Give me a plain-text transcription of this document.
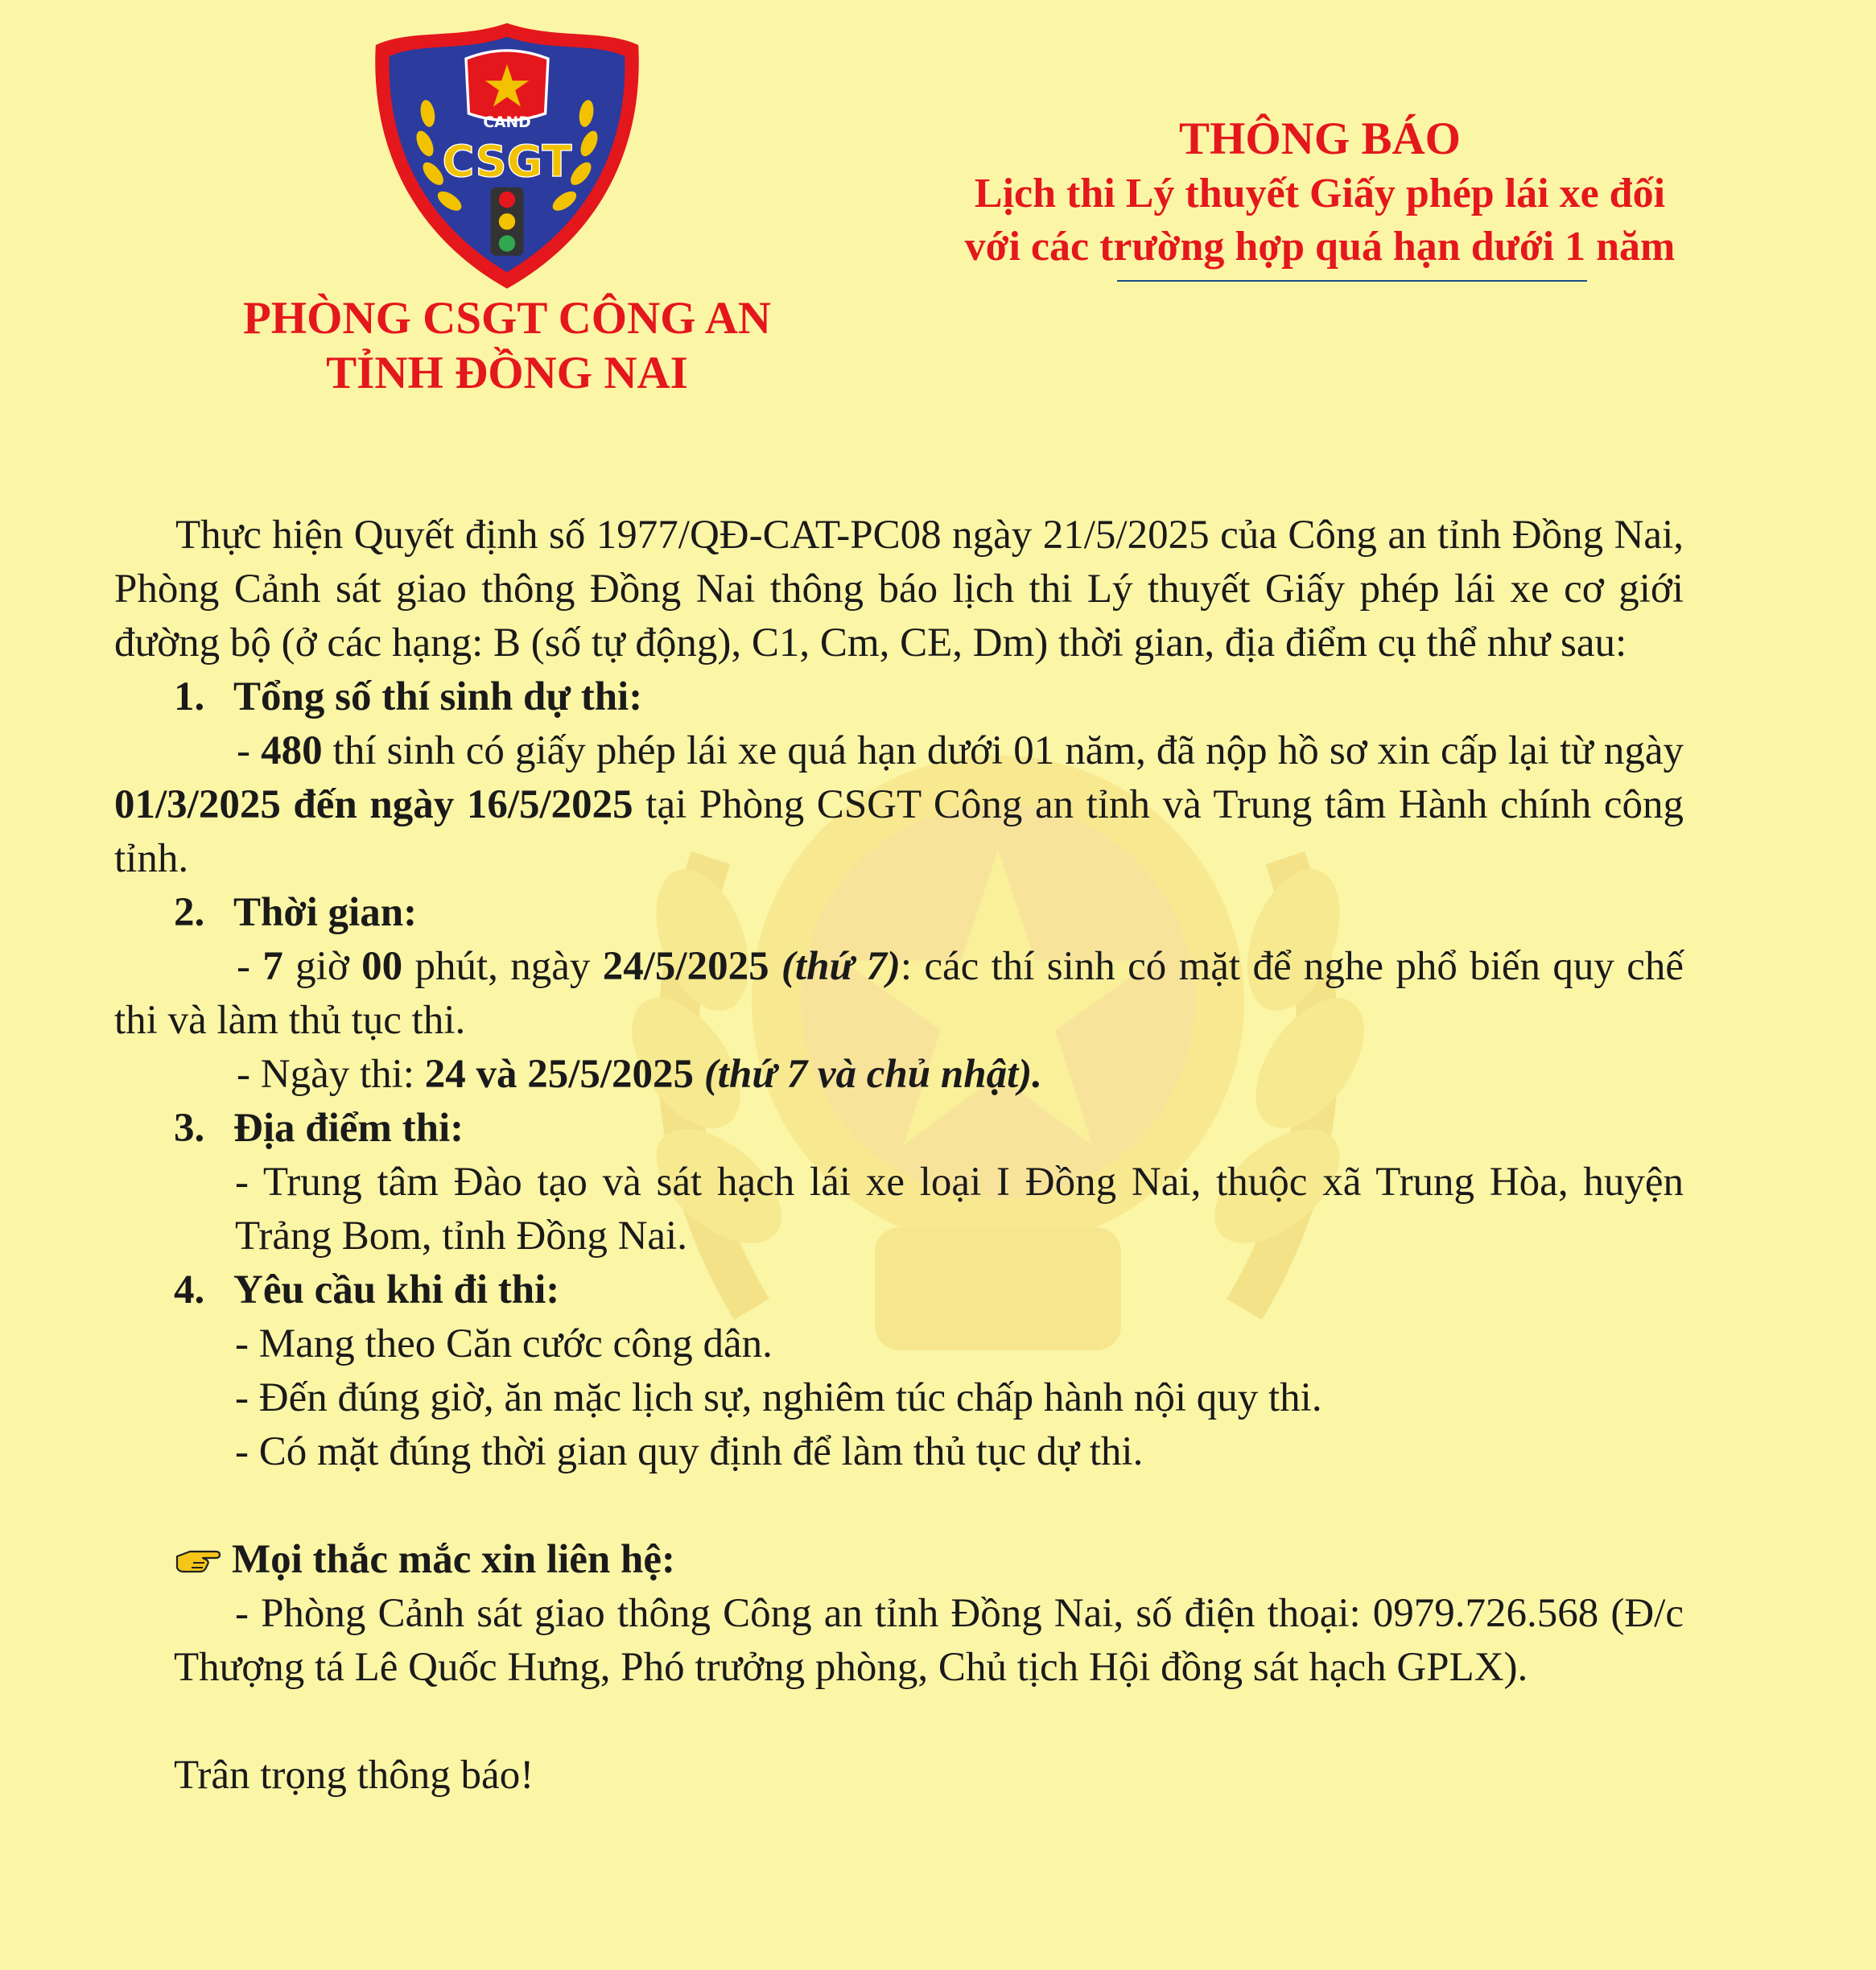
CAND
CSGT
PHÒNG CSGT CÔNG AN
TỈNH ĐỒNG NAI
THÔNG BÁO
Lịch thi Lý thuyết Giấy phép lái xe đối
với các trường hợp quá hạn dưới 1 năm

Thực hiện Quyết định số 1977/QĐ-CAT-PC08 ngày 21/5/2025 của Công an tỉnh Đồng Nai, Phòng Cảnh sát giao thông Đồng Nai thông báo lịch thi Lý thuyết Giấy phép lái xe cơ giới đường bộ (ở các hạng: B (số tự động), C1, Cm, CE, Dm) thời gian, địa điểm cụ thể như sau:

1. Tổng số thí sinh dự thi:

- 480 thí sinh có giấy phép lái xe quá hạn dưới 01 năm, đã nộp hồ sơ xin cấp lại từ ngày 01/3/2025 đến ngày 16/5/2025 tại Phòng CSGT Công an tỉnh và Trung tâm Hành chính công tỉnh.

2. Thời gian:

- 7 giờ 00 phút, ngày 24/5/2025 (thứ 7): các thí sinh có mặt để nghe phổ biến quy chế thi và làm thủ tục thi.

- Ngày thi: 24 và 25/5/2025 (thứ 7 và chủ nhật).

3. Địa điểm thi:

- Trung tâm Đào tạo và sát hạch lái xe loại I Đồng Nai, thuộc xã Trung Hòa, huyện Trảng Bom, tỉnh Đồng Nai.

4. Yêu cầu khi đi thi:

- Mang theo Căn cước công dân.

- Đến đúng giờ, ăn mặc lịch sự, nghiêm túc chấp hành nội quy thi.

- Có mặt đúng thời gian quy định để làm thủ tục dự thi.

Mọi thắc mắc xin liên hệ:

- Phòng Cảnh sát giao thông Công an tỉnh Đồng Nai, số điện thoại: 0979.726.568 (Đ/c Thượng tá Lê Quốc Hưng, Phó trưởng phòng, Chủ tịch Hội đồng sát hạch GPLX).

Trân trọng thông báo!
